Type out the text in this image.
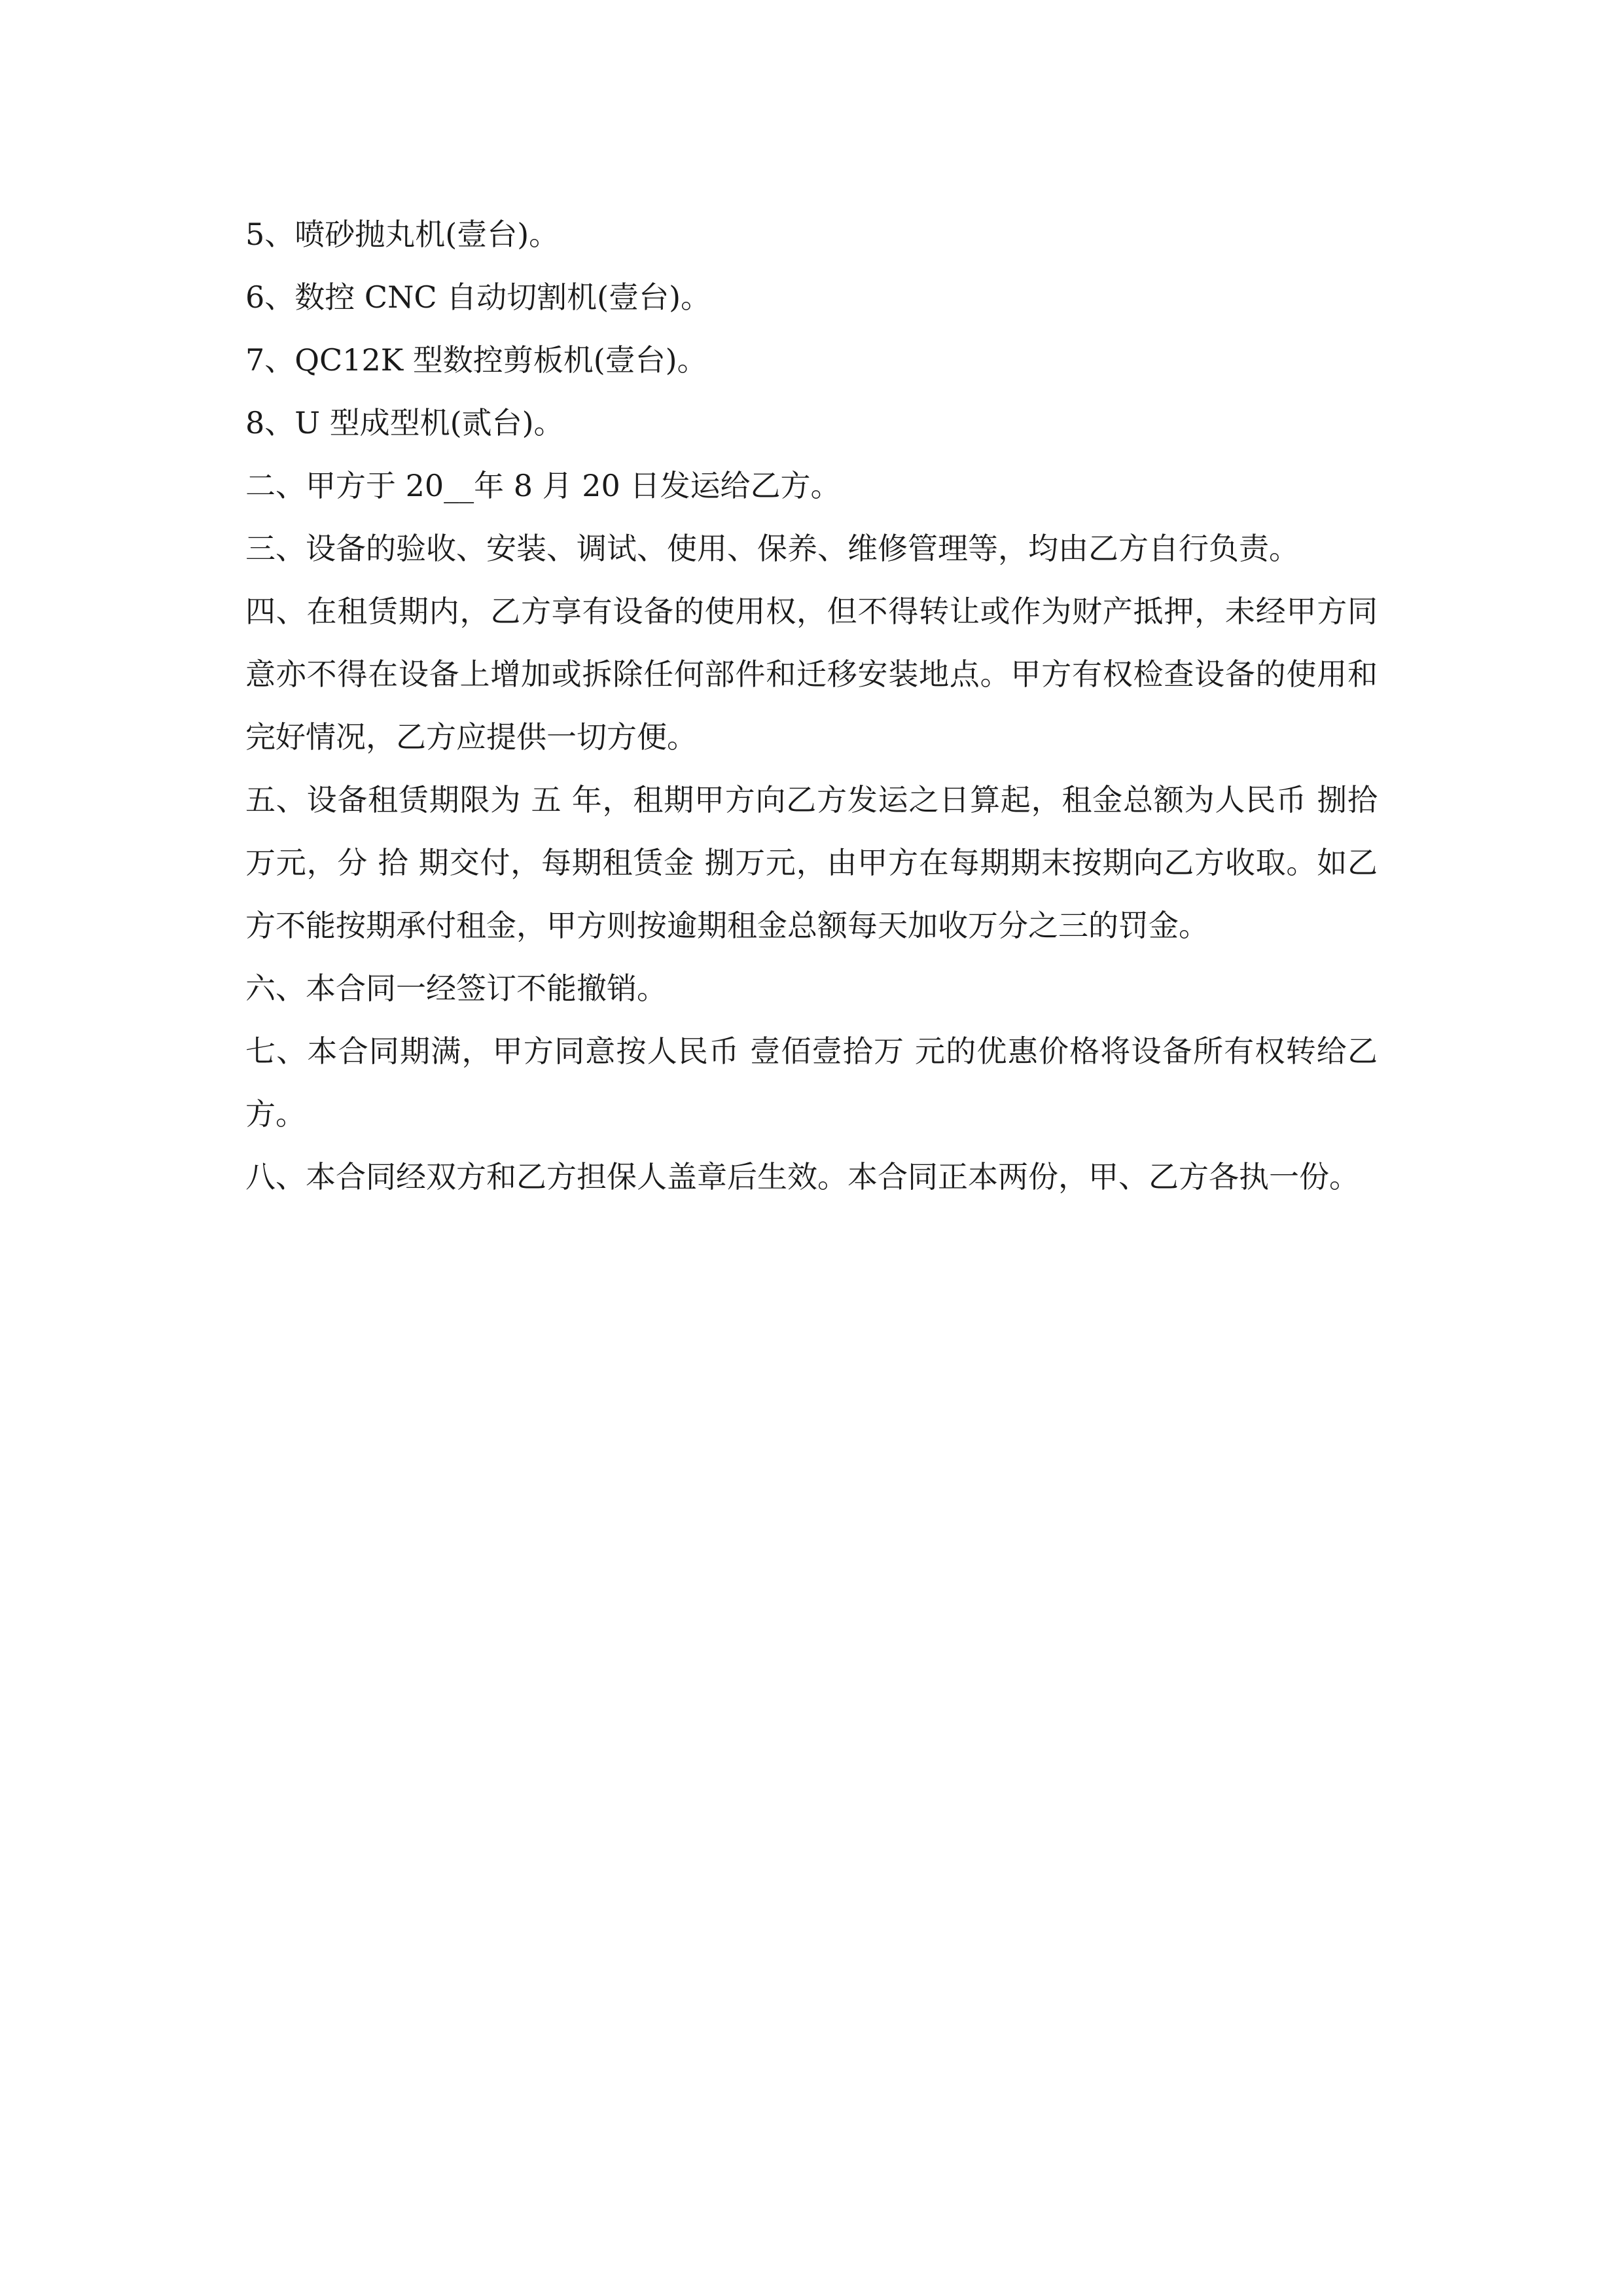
5、喷砂抛丸机(壹台)。

6、数控 CNC 自动切割机(壹台)。

7、QC12K 型数控剪板机(壹台)。

8、U 型成型机(贰台)。

二、甲方于 20__年 8 月 20 日发运给乙方。

三、设备的验收、安装、调试、使用、保养、维修管理等，均由乙方自行负责。

四、在租赁期内，乙方享有设备的使用权，但不得转让或作为财产抵押，未经甲方同意亦不得在设备上增加或拆除任何部件和迁移安装地点。甲方有权检查设备的使用和完好情况，乙方应提供一切方便。

五、设备租赁期限为 五 年，租期甲方向乙方发运之日算起，租金总额为人民币 捌拾万元，分 拾 期交付，每期租赁金 捌万元，由甲方在每期期末按期向乙方收取。如乙方不能按期承付租金，甲方则按逾期租金总额每天加收万分之三的罚金。

六、本合同一经签订不能撤销。

七、本合同期满，甲方同意按人民币 壹佰壹拾万 元的优惠价格将设备所有权转给乙方。

八、本合同经双方和乙方担保人盖章后生效。本合同正本两份，甲、乙方各执一份。
